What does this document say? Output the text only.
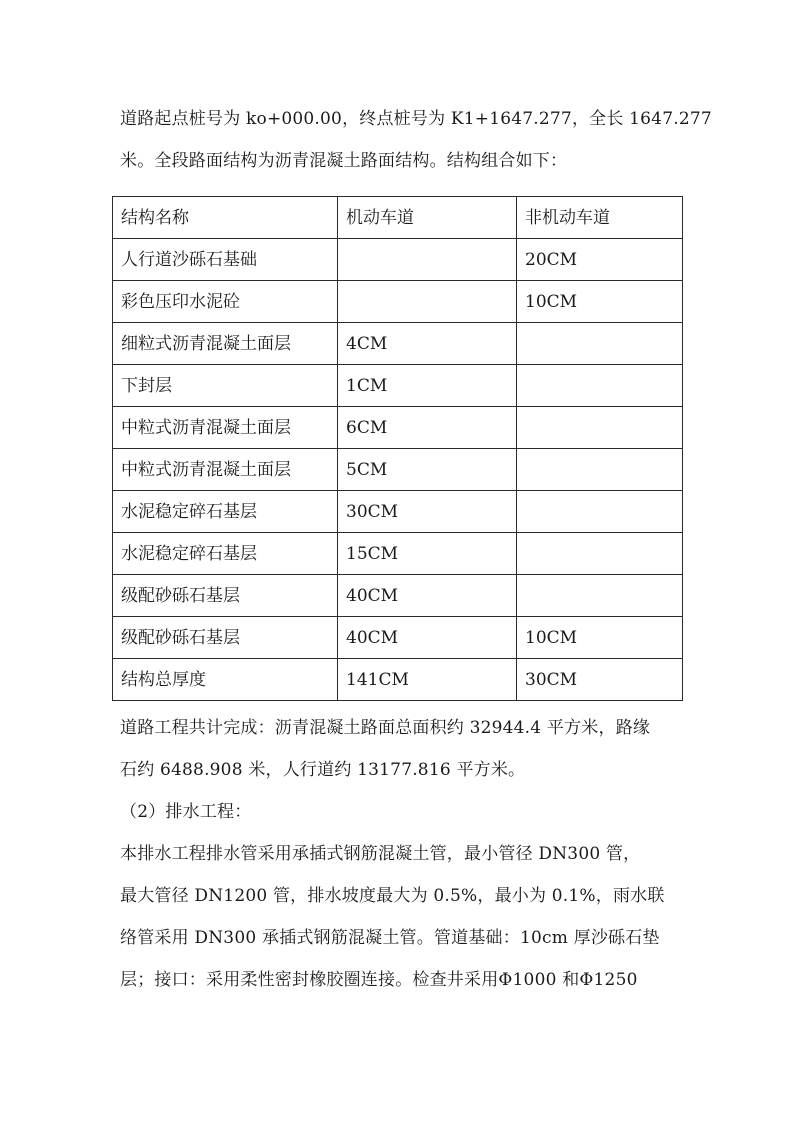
道路起点桩号为 ko+000.00，终点桩号为 K1+1647.277，全长 1647.277
米。全段路面结构为沥青混凝土路面结构。结构组合如下：
结构名称	机动车道	非机动车道
人行道沙砾石基础		20CM
彩色压印水泥砼		10CM
细粒式沥青混凝土面层	4CM	
下封层	1CM	
中粒式沥青混凝土面层	6CM	
中粒式沥青混凝土面层	5CM	
水泥稳定碎石基层	30CM	
水泥稳定碎石基层	15CM	
级配砂砾石基层	40CM	
级配砂砾石基层	40CM	10CM
结构总厚度	141CM	30CM
道路工程共计完成：沥青混凝土路面总面积约 32944.4 平方米，路缘
石约 6488.908 米，人行道约 13177.816 平方米。
（2）排水工程：
本排水工程排水管采用承插式钢筋混凝土管，最小管径 DN300 管，
最大管径 DN1200 管，排水坡度最大为 0.5%，最小为 0.1%，雨水联
络管采用 DN300 承插式钢筋混凝土管。管道基础：10cm 厚沙砾石垫
层；接口：采用柔性密封橡胶圈连接。检查井采用Φ1000 和Φ1250
